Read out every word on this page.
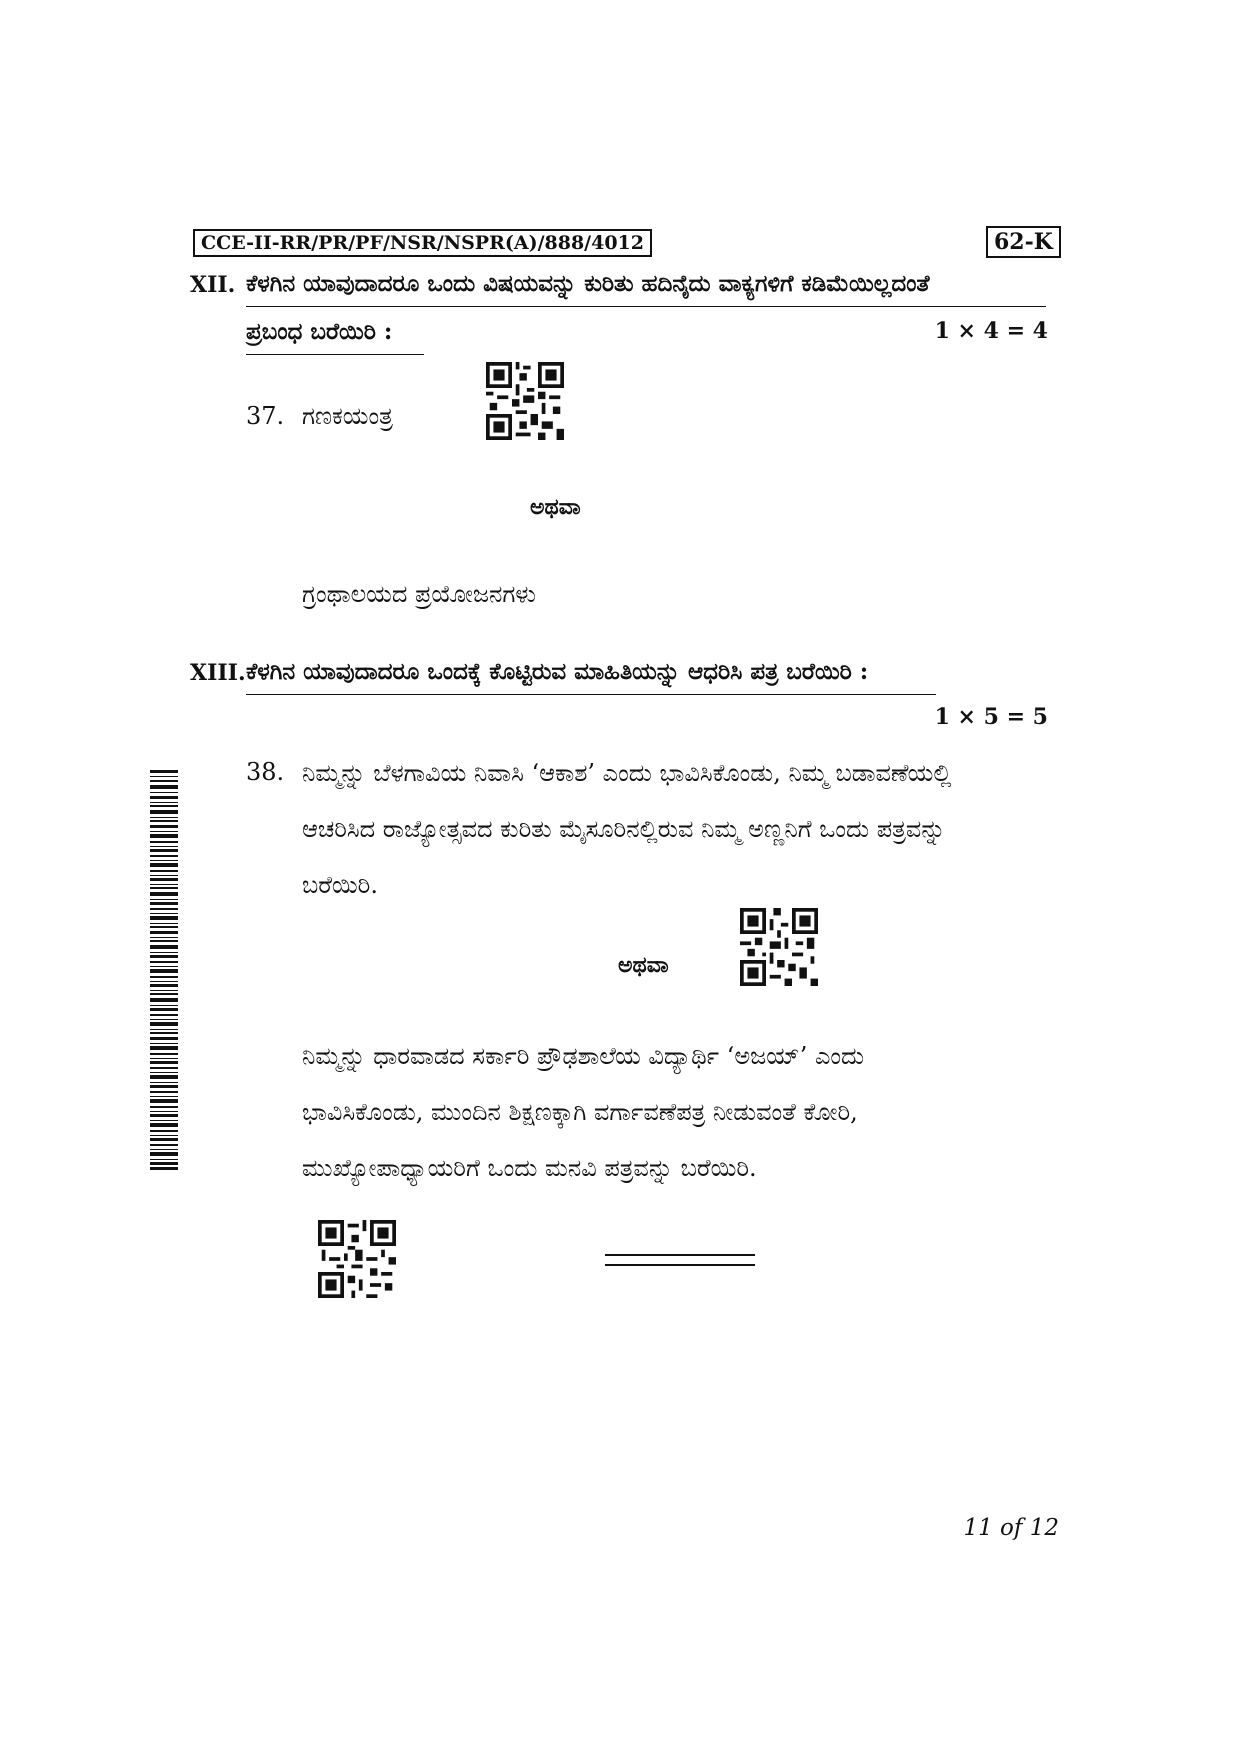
CCE-II-RR/PR/PF/NSR/NSPR(A)/888/4012	62-K
XII. ಕೆಳಗಿನ ಯಾವುದಾದರೂ ಒಂದು ವಿಷಯವನ್ನು ಕುರಿತು ಹದಿನೈದು ವಾಕ್ಯಗಳಿಗೆ ಕಡಿಮೆಯಿಲ್ಲದಂತೆ
ಪ್ರಬಂಧ ಬರೆಯಿರಿ :	1 × 4 = 4
37. ಗಣಕಯಂತ್ರ
ಅಥವಾ
ಗ್ರಂಥಾಲಯದ ಪ್ರಯೋಜನಗಳು
XIII. ಕೆಳಗಿನ ಯಾವುದಾದರೂ ಒಂದಕ್ಕೆ ಕೊಟ್ಟಿರುವ ಮಾಹಿತಿಯನ್ನು ಆಧರಿಸಿ ಪತ್ರ ಬರೆಯಿರಿ :
1 × 5 = 5
38. ನಿಮ್ಮನ್ನು ಬೆಳಗಾವಿಯ ನಿವಾಸಿ ‘ಆಕಾಶ’ ಎಂದು ಭಾವಿಸಿಕೊಂಡು, ನಿಮ್ಮ ಬಡಾವಣೆಯಲ್ಲಿ
ಆಚರಿಸಿದ ರಾಜ್ಯೋತ್ಸವದ ಕುರಿತು ಮೈಸೂರಿನಲ್ಲಿರುವ ನಿಮ್ಮ ಅಣ್ಣನಿಗೆ ಒಂದು ಪತ್ರವನ್ನು
ಬರೆಯಿರಿ.
ಅಥವಾ
ನಿಮ್ಮನ್ನು ಧಾರವಾಡದ ಸರ್ಕಾರಿ ಪ್ರೌಢಶಾಲೆಯ ವಿದ್ಯಾರ್ಥಿ ‘ಅಜಯ್’ ಎಂದು
ಭಾವಿಸಿಕೊಂಡು, ಮುಂದಿನ ಶಿಕ್ಷಣಕ್ಕಾಗಿ ವರ್ಗಾವಣೆಪತ್ರ ನೀಡುವಂತೆ ಕೋರಿ,
ಮುಖ್ಯೋಪಾಧ್ಯಾಯರಿಗೆ ಒಂದು ಮನವಿ ಪತ್ರವನ್ನು ಬರೆಯಿರಿ.
11 of 12
